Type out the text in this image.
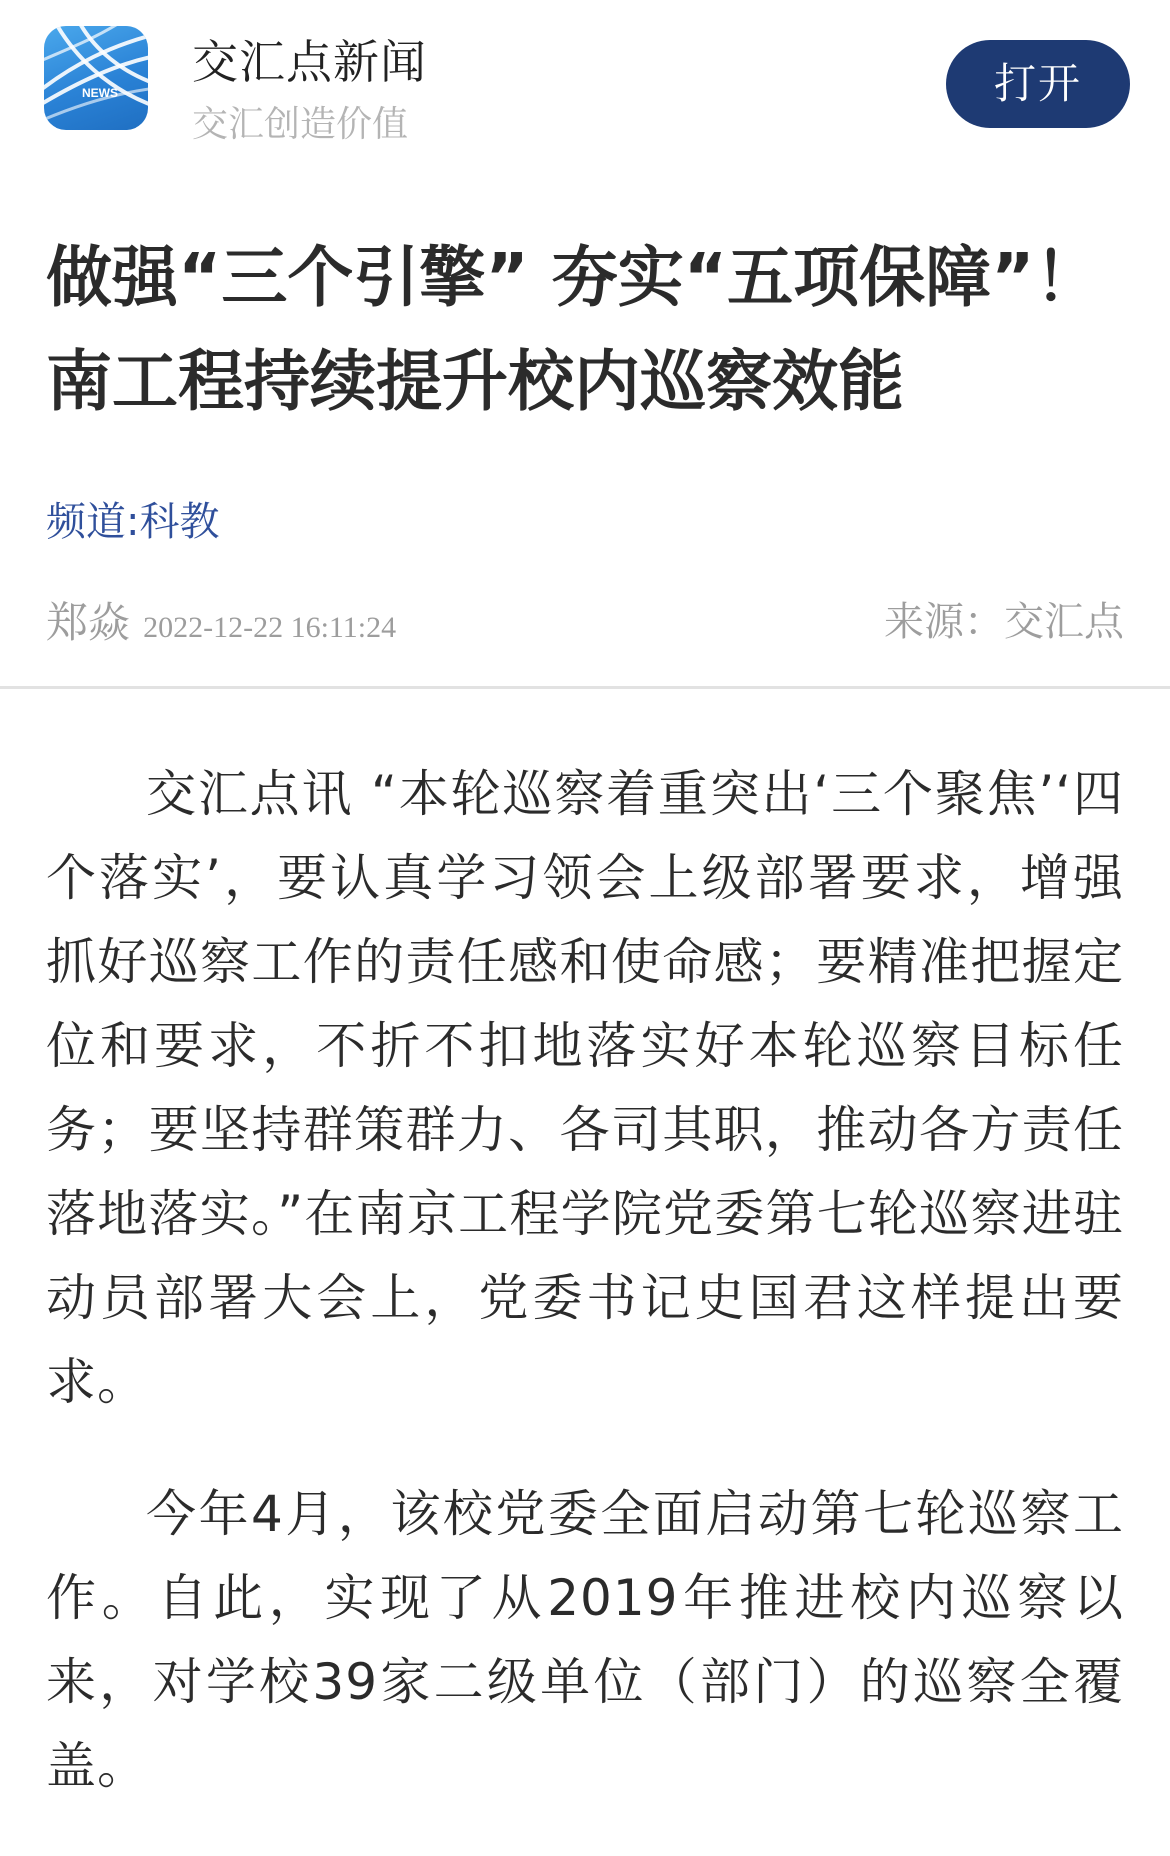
NEWS
交汇点新闻
交汇创造价值
打开
做强“三个引擎” 夯实“五项保障”！南工程持续提升校内巡察效能
频道:科教
郑焱 2022-12-22 16:11:24	来源：交汇点

交汇点讯 “本轮巡察着重突出‘三个聚焦’‘四个落实’，要认真学习领会上级部署要求，增强抓好巡察工作的责任感和使命感；要精准把握定位和要求，不折不扣地落实好本轮巡察目标任务；要坚持群策群力、各司其职，推动各方责任落地落实。”在南京工程学院党委第七轮巡察进驻动员部署大会上，党委书记史国君这样提出要求。

今年4月，该校党委全面启动第七轮巡察工作。自此，实现了从2019年推进校内巡察以来，对学校39家二级单位（部门）的巡察全覆盖。
